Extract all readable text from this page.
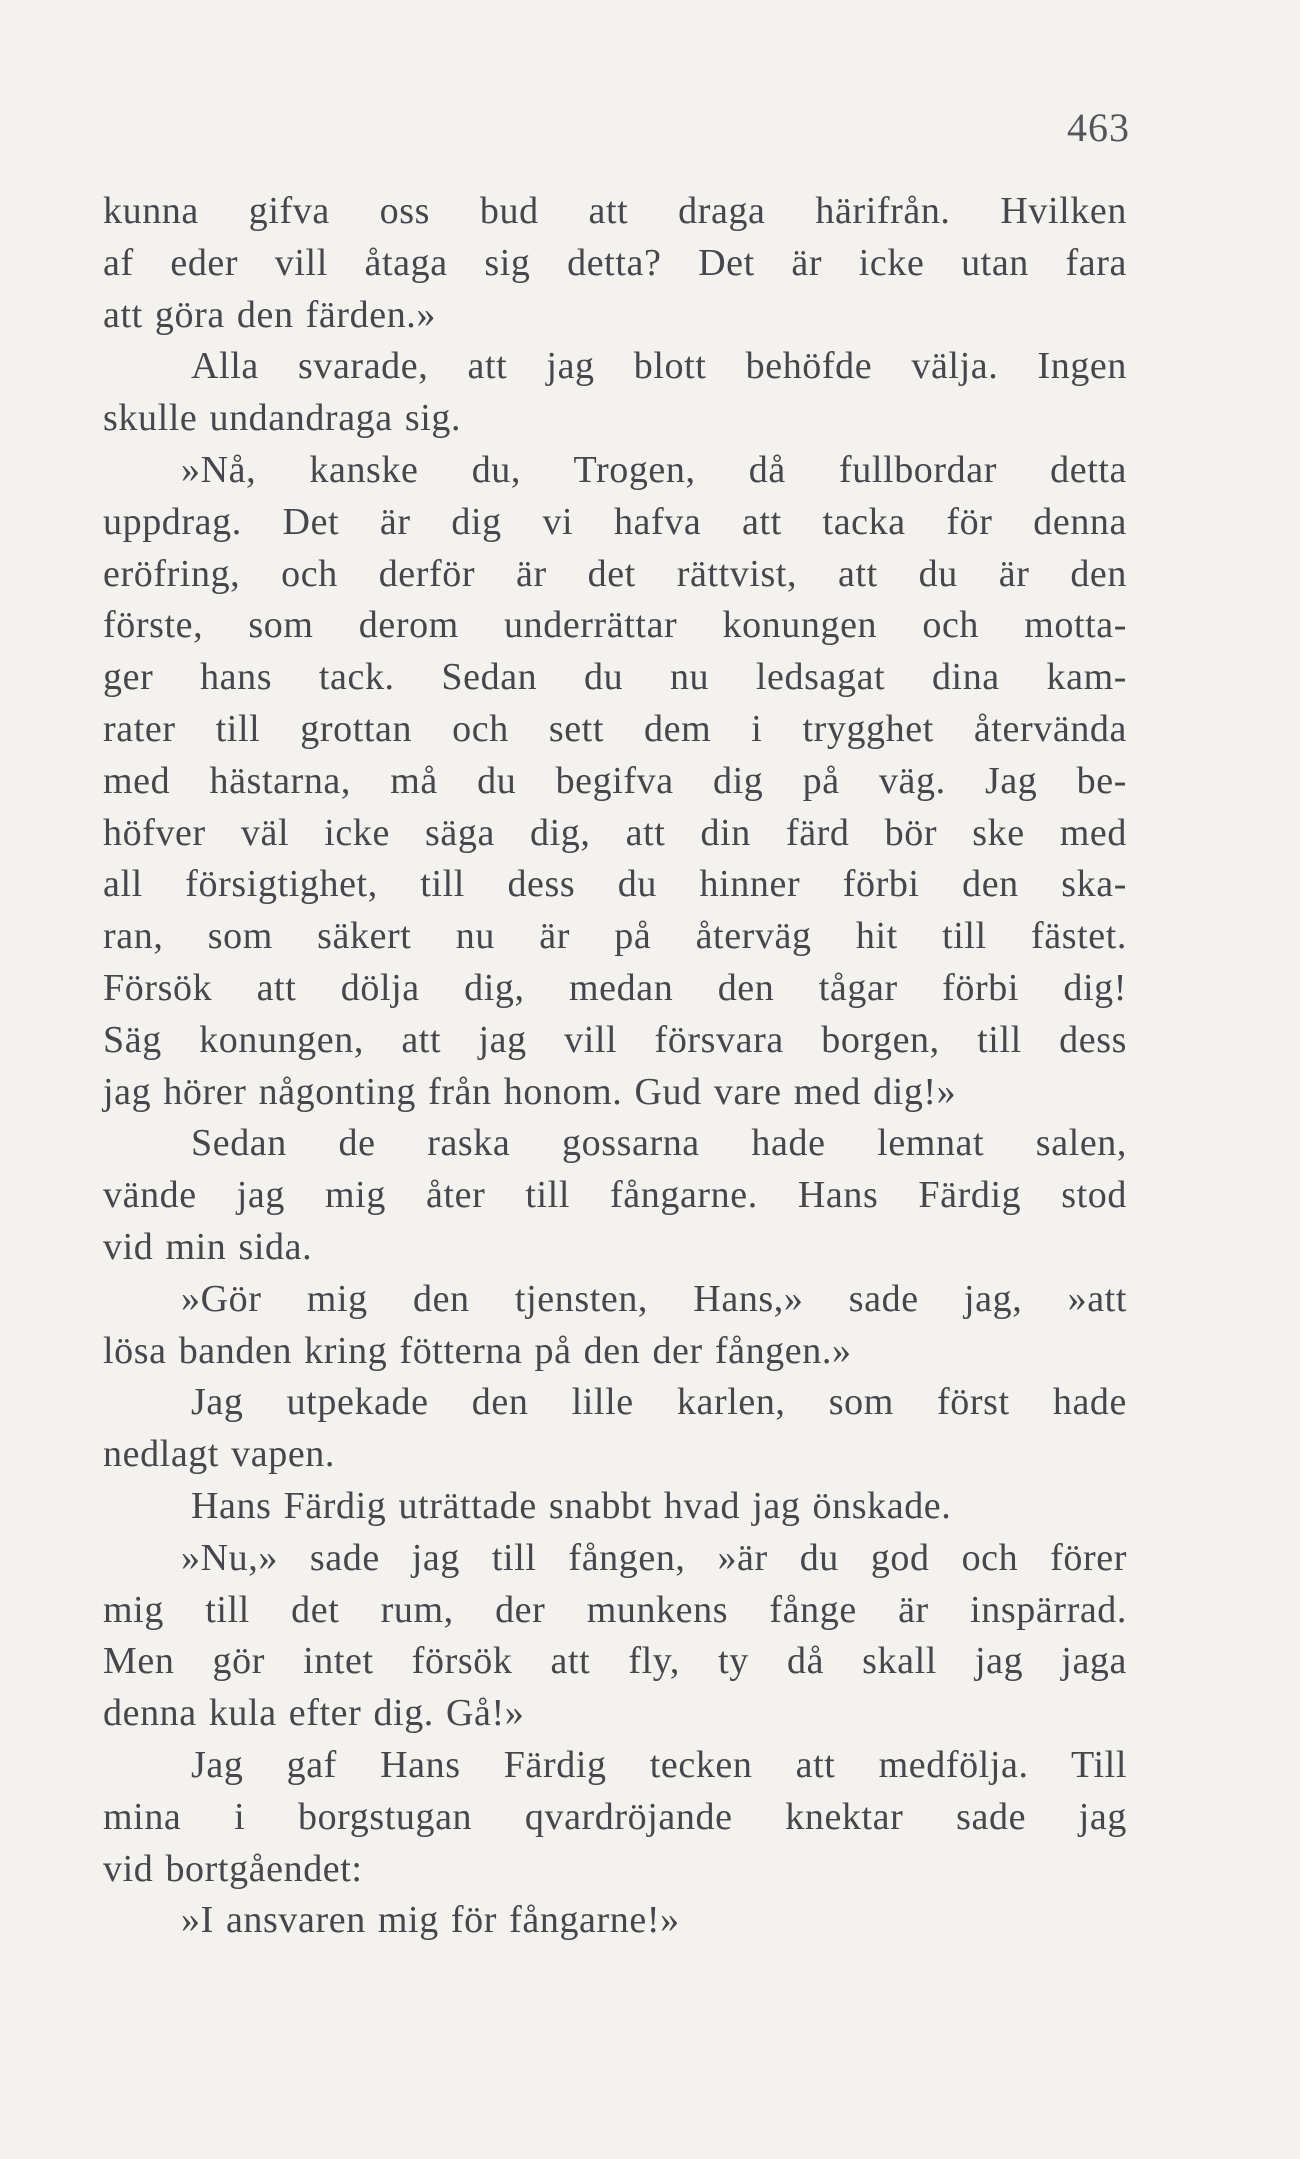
463
kunna gifva oss bud att draga härifrån. Hvilken
af eder vill åtaga sig detta? Det är icke utan fara
att göra den färden.»
Alla svarade, att jag blott behöfde välja. Ingen
skulle undandraga sig.
»Nå, kanske du, Trogen, då fullbordar detta
uppdrag. Det är dig vi hafva att tacka för denna
eröfring, och derför är det rättvist, att du är den
förste, som derom underrättar konungen och motta-
ger hans tack. Sedan du nu ledsagat dina kam-
rater till grottan och sett dem i trygghet återvända
med hästarna, må du begifva dig på väg. Jag be-
höfver väl icke säga dig, att din färd bör ske med
all försigtighet, till dess du hinner förbi den ska-
ran, som säkert nu är på återväg hit till fästet.
Försök att dölja dig, medan den tågar förbi dig!
Säg konungen, att jag vill försvara borgen, till dess
jag hörer någonting från honom. Gud vare med dig!»
Sedan de raska gossarna hade lemnat salen,
vände jag mig åter till fångarne. Hans Färdig stod
vid min sida.
»Gör mig den tjensten, Hans,» sade jag, »att
lösa banden kring fötterna på den der fången.»
Jag utpekade den lille karlen, som först hade
nedlagt vapen.
Hans Färdig uträttade snabbt hvad jag önskade.
»Nu,» sade jag till fången, »är du god och förer
mig till det rum, der munkens fånge är inspärrad.
Men gör intet försök att fly, ty då skall jag jaga
denna kula efter dig. Gå!»
Jag gaf Hans Färdig tecken att medfölja. Till
mina i borgstugan qvardröjande knektar sade jag
vid bortgåendet:
»I ansvaren mig för fångarne!»
